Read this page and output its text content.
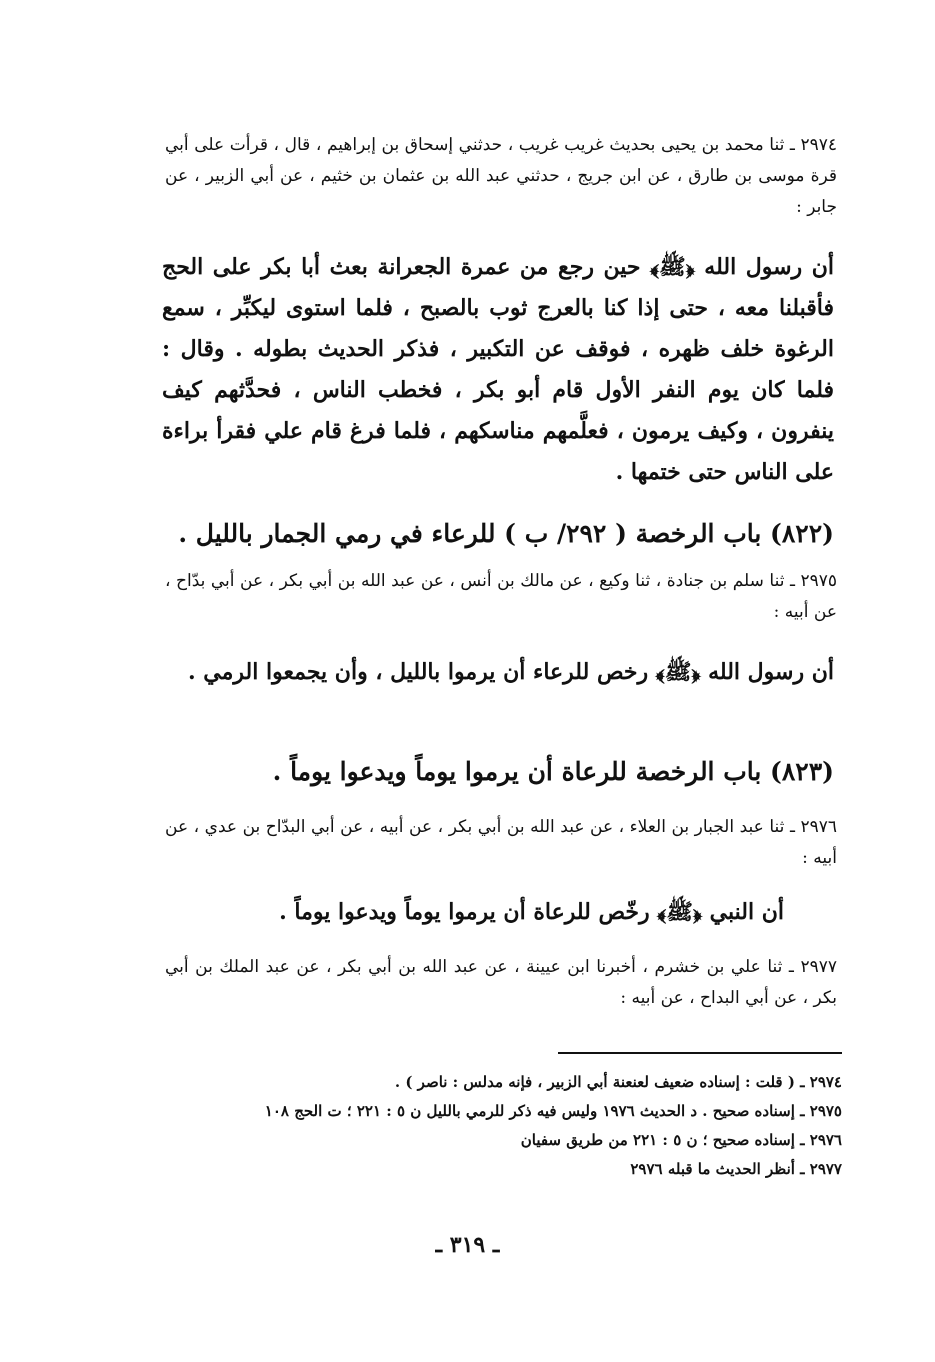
٢٩٧٤ ـ ثنا محمد بن يحيى بحديث غريب غريب ، حدثني إسحاق بن إبراهيم ، قال ، قرأت على أبي قرة موسى بن طارق ، عن ابن جريج ، حدثني عبد الله بن عثمان بن خثيم ، عن أبي الزبير ، عن جابر :

أن رسول الله ﴿ﷺ﴾ حين رجع من عمرة الجعرانة بعث أبا بكر على الحج فأقبلنا معه ، حتى إذا كنا بالعرج ثوب بالصبح ، فلما استوى ليكبِّر ، سمع الرغوة خلف ظهره ، فوقف عن التكبير ، فذكر الحديث بطوله . وقال : فلما كان يوم النفر الأول قام أبو بكر ، فخطب الناس ، فحدَّثهم كيف ينفرون ، وكيف يرمون ، فعلَّمهم مناسكهم ، فلما فرغ قام علي فقرأ براءة على الناس حتى ختمها .

(٨٢٢) باب الرخصة ( ٢٩٢/ ب ) للرعاء في رمي الجمار بالليل .

٢٩٧٥ ـ ثنا سلم بن جنادة ، ثنا وكيع ، عن مالك بن أنس ، عن عبد الله بن أبي بكر ، عن أبي بدّاح ، عن أبيه :

أن رسول الله ﴿ﷺ﴾ رخص للرعاء أن يرموا بالليل ، وأن يجمعوا الرمي .

(٨٢٣) باب الرخصة للرعاة أن يرموا يوماً ويدعوا يوماً .

٢٩٧٦ ـ ثنا عبد الجبار بن العلاء ، عن عبد الله بن أبي بكر ، عن أبيه ، عن أبي البدّاح بن عدي ، عن أبيه :

أن النبي ﴿ﷺ﴾ رخّص للرعاة أن يرموا يوماً ويدعوا يوماً .

٢٩٧٧ ـ ثنا علي بن خشرم ، أخبرنا ابن عيينة ، عن عبد الله بن أبي بكر ، عن عبد الملك بن أبي بكر ، عن أبي البداح ، عن أبيه :

٢٩٧٤ ـ ( قلت : إسناده ضعيف لعنعنة أبي الزبير ، فإنه مدلس : ناصر ) .
٢٩٧٥ ـ إسناده صحيح . د الحديث ١٩٧٦ وليس فيه ذكر للرمي بالليل ن ٥ : ٢٢١ ؛ ت الحج ١٠٨
٢٩٧٦ ـ إسناده صحيح ؛ ن ٥ : ٢٢١ من طريق سفيان
٢٩٧٧ ـ أنظر الحديث ما قبله ٢٩٧٦
ـ ٣١٩ ـ
